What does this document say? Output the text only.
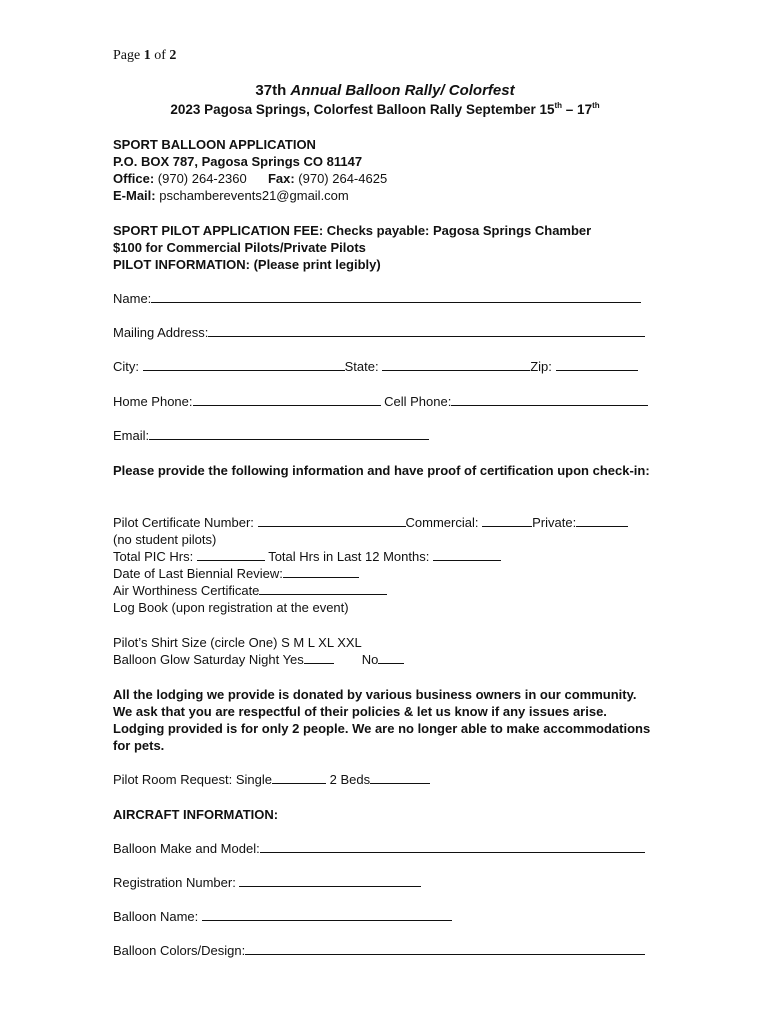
Page 1 of 2
37th Annual Balloon Rally/ Colorfest
2023 Pagosa Springs, Colorfest Balloon Rally September 15th – 17th
SPORT BALLOON APPLICATION
P.O. BOX 787, Pagosa Springs CO 81147
Office: (970) 264-2360 Fax: (970) 264-4625
E-Mail: pschamberevents21@gmail.com
SPORT PILOT APPLICATION FEE: Checks payable: Pagosa Springs Chamber
$100 for Commercial Pilots/Private Pilots
PILOT INFORMATION: (Please print legibly)
Name:
Mailing Address:
City:	State:	Zip:
Home Phone:	Cell Phone:
Email:
Please provide the following information and have proof of certification upon check-in:
Pilot Certificate Number:	Commercial:	Private:
(no student pilots)
Total PIC Hrs:	Total Hrs in Last 12 Months:
Date of Last Biennial Review:
Air Worthiness Certificate
Log Book (upon registration at the event)
Pilot’s Shirt Size (circle One) S M L XL XXL
Balloon Glow Saturday Night Yes	No
All the lodging we provide is donated by various business owners in our community. We ask that you are respectful of their policies & let us know if any issues arise. Lodging provided is for only 2 people. We are no longer able to make accommodations for pets.
Pilot Room Request: Single	2 Beds
AIRCRAFT INFORMATION:
Balloon Make and Model:
Registration Number:
Balloon Name:
Balloon Colors/Design:
